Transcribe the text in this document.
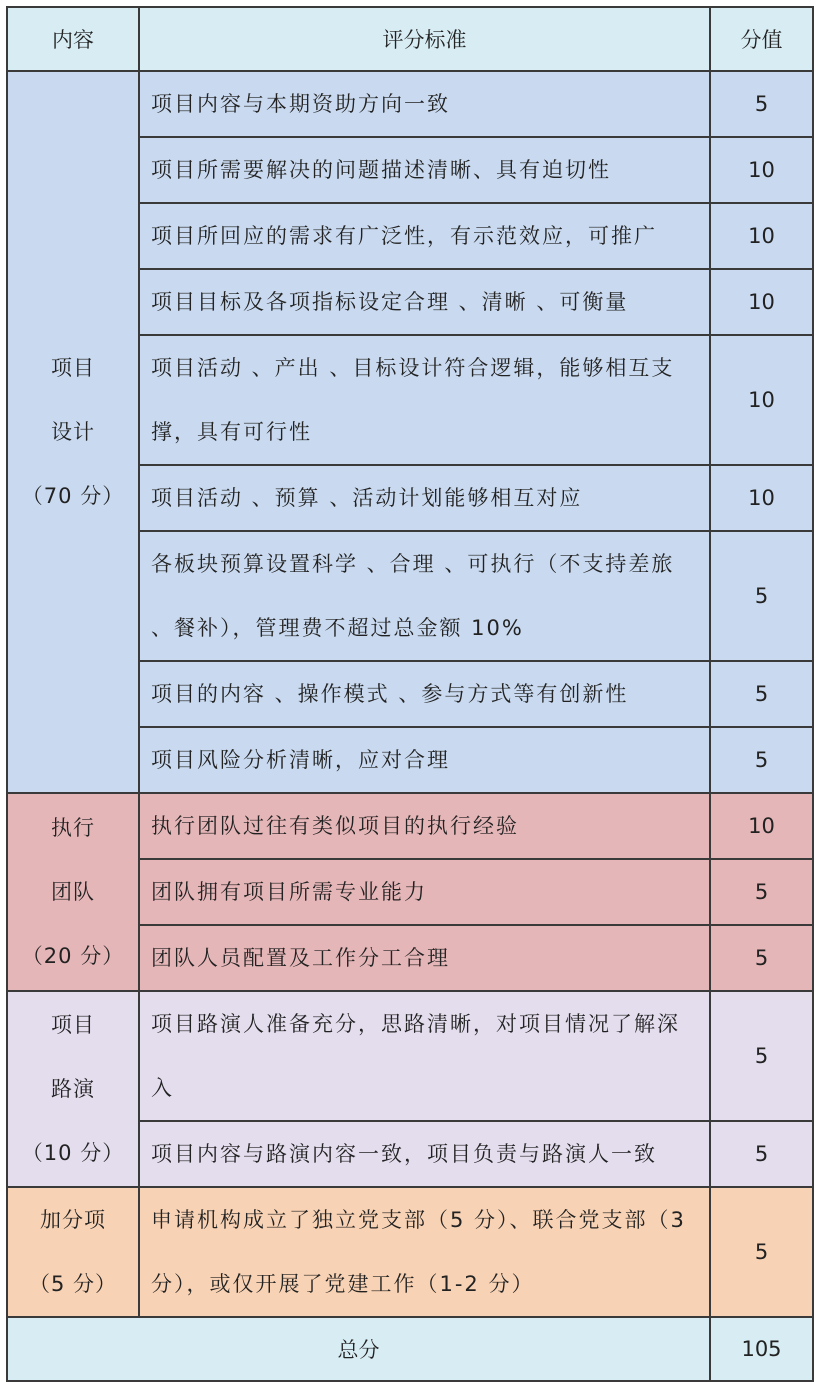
内容	评分标准	分值

项目
设计
（70 分）	项目内容与本期资助方向一致	5
	项目所需要解决的问题描述清晰、具有迫切性	10
	项目所回应的需求有广泛性，有示范效应，可推广	10
	项目目标及各项指标设定合理 、清晰 、可衡量	10
	项目活动 、产出 、目标设计符合逻辑，能够相互支撑，具有可行性	10
	项目活动 、预算 、活动计划能够相互对应	10
	各板块预算设置科学 、合理 、可执行（不支持差旅 、餐补），管理费不超过总金额 10%	5
	项目的内容 、操作模式 、参与方式等有创新性	5
	项目风险分析清晰，应对合理	5

执行
团队
（20 分）	执行团队过往有类似项目的执行经验	10
	团队拥有项目所需专业能力	5
	团队人员配置及工作分工合理	5

项目
路演
（10 分）	项目路演人准备充分，思路清晰，对项目情况了解深入	5
	项目内容与路演内容一致，项目负责与路演人一致	5

加分项
（5 分）	申请机构成立了独立党支部（5 分）、联合党支部（3 分），或仅开展了党建工作（1-2 分）	5
总分		105
